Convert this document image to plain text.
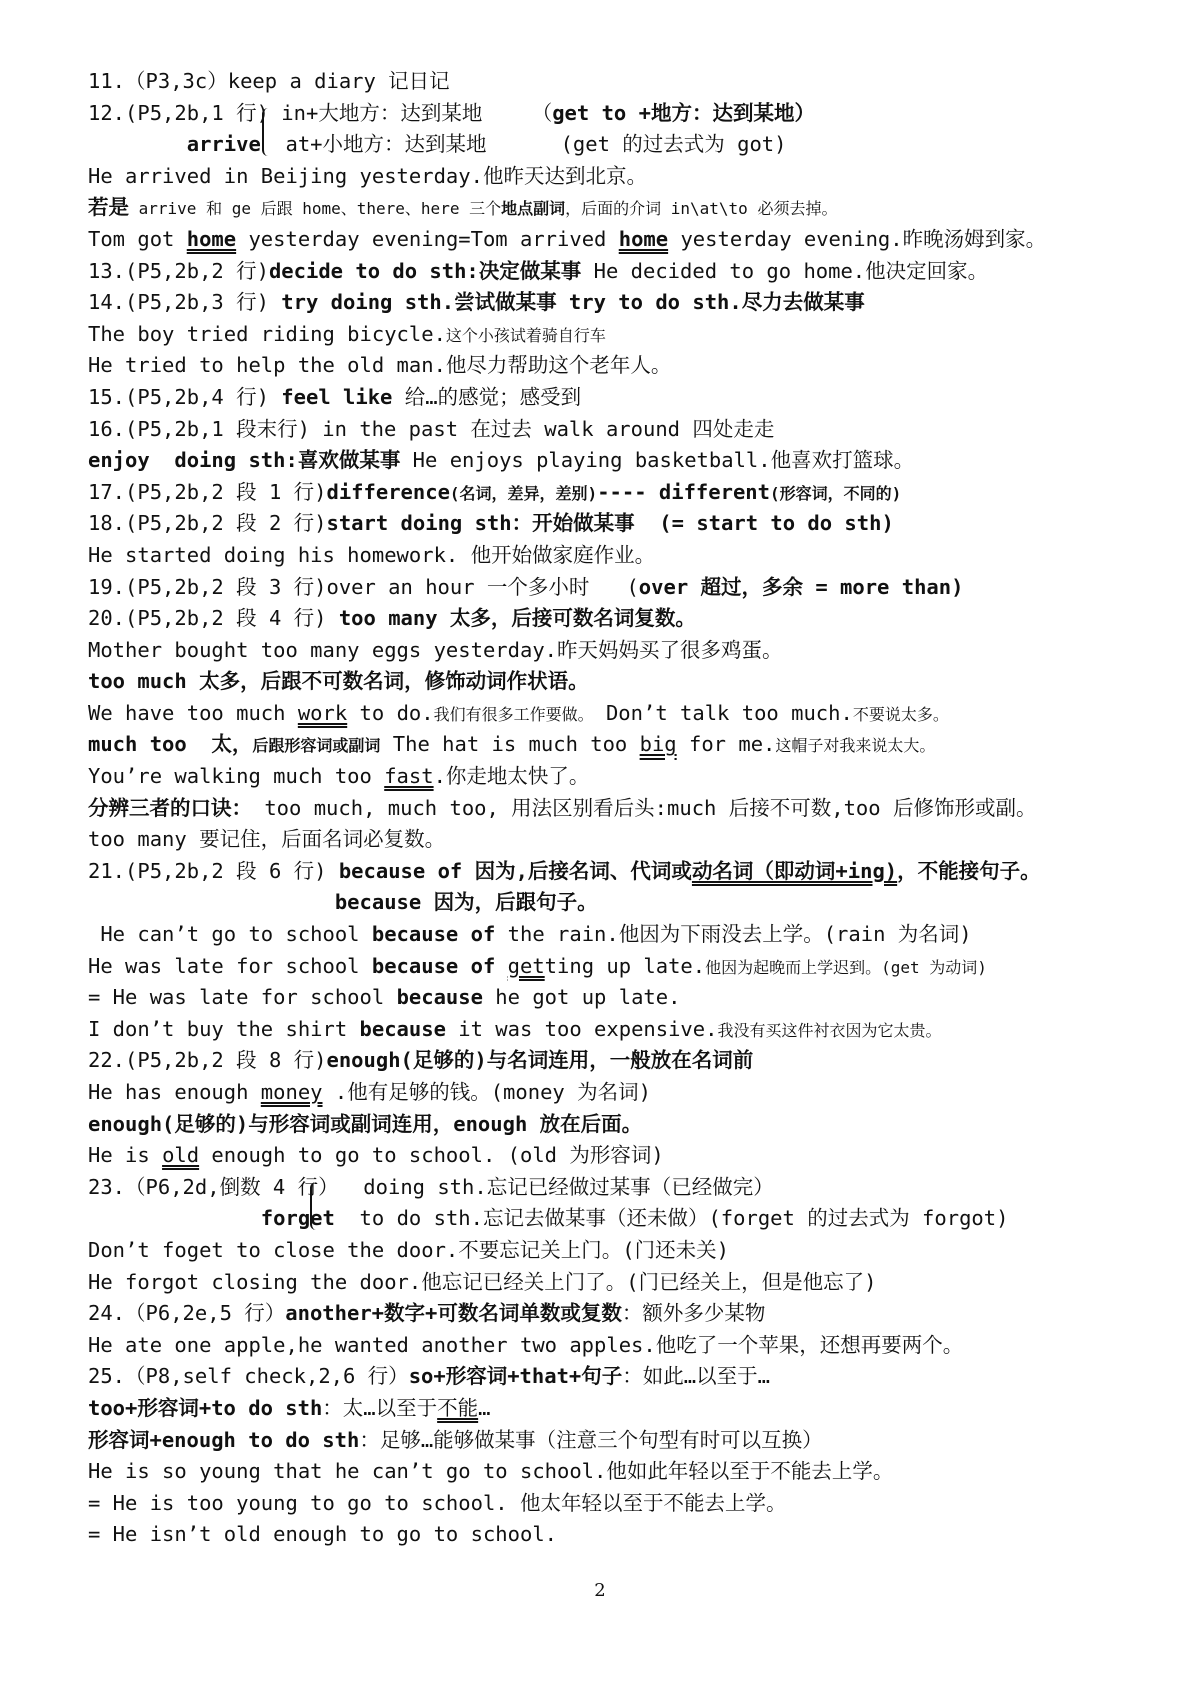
11.（P3,3c）keep a diary 记日记
12.(P5,2b,1 行) in+大地方：达到某地    （get to +地方：达到某地）
arrive  at+小地方：达到某地      (get 的过去式为 got)
He arrived in Beijing yesterday.他昨天达到北京。
若是 arrive 和 ge 后跟 home、there、here 三个地点副词，后面的介词 in\at\to 必须去掉。
Tom got home yesterday evening=Tom arrived home yesterday evening.昨晚汤姆到家。
13.(P5,2b,2 行)decide to do sth:决定做某事 He decided to go home.他决定回家。
14.(P5,2b,3 行) try doing sth.尝试做某事 try to do sth.尽力去做某事
The boy tried riding bicycle.这个小孩试着骑自行车
He tried to help the old man.他尽力帮助这个老年人。
15.(P5,2b,4 行) feel like 给…的感觉；感受到
16.(P5,2b,1 段末行) in the past 在过去 walk around 四处走走
enjoy  doing sth:喜欢做某事 He enjoys playing basketball.他喜欢打篮球。
17.(P5,2b,2 段 1 行)difference(名词，差异，差别)---- different(形容词，不同的)
18.(P5,2b,2 段 2 行)start doing sth：开始做某事  (= start to do sth)
He started doing his homework. 他开始做家庭作业。
19.(P5,2b,2 段 3 行)over an hour 一个多小时   (over 超过，多余 = more than)
20.(P5,2b,2 段 4 行) too many 太多，后接可数名词复数。
Mother bought too many eggs yesterday.昨天妈妈买了很多鸡蛋。
too much 太多，后跟不可数名词，修饰动词作状语。
We have too much work to do.我们有很多工作要做。 Don’t talk too much.不要说太多。
much too  太，后跟形容词或副词 The hat is much too big for me.这帽子对我来说太大。
You’re walking much too fast.你走地太快了。
分辨三者的口诀： too much, much too, 用法区别看后头:much 后接不可数,too 后修饰形或副。
too many 要记住，后面名词必复数。
21.(P5,2b,2 段 6 行) because of 因为,后接名词、代词或动名词（即动词+ing)，不能接句子。
because 因为，后跟句子。
He can’t go to school because of the rain.他因为下雨没去上学。(rain 为名词)
He was late for school because of getting up late.他因为起晚而上学迟到。(get 为动词)
= He was late for school because he got up late.
I don’t buy the shirt because it was too expensive.我没有买这件衬衣因为它太贵。
22.(P5,2b,2 段 8 行)enough(足够的)与名词连用，一般放在名词前
He has enough money .他有足够的钱。(money 为名词)
enough(足够的)与形容词或副词连用，enough 放在后面。
He is old enough to go to school. (old 为形容词)
23.（P6,2d,倒数 4 行）  doing sth.忘记已经做过某事（已经做完）
forget  to do sth.忘记去做某事（还未做）(forget 的过去式为 forgot)
Don’t foget to close the door.不要忘记关上门。(门还未关)
He forgot closing the door.他忘记已经关上门了。(门已经关上，但是他忘了)
24.（P6,2e,5 行）another+数字+可数名词单数或复数：额外多少某物
He ate one apple,he wanted another two apples.他吃了一个苹果，还想再要两个。
25.（P8,self check,2,6 行）so+形容词+that+句子：如此…以至于…
too+形容词+to do sth：太…以至于不能…
形容词+enough to do sth：足够…能够做某事（注意三个句型有时可以互换）
He is so young that he can’t go to school.他如此年轻以至于不能去上学。
= He is too young to go to school. 他太年轻以至于不能去上学。
= He isn’t old enough to go to school.
2
